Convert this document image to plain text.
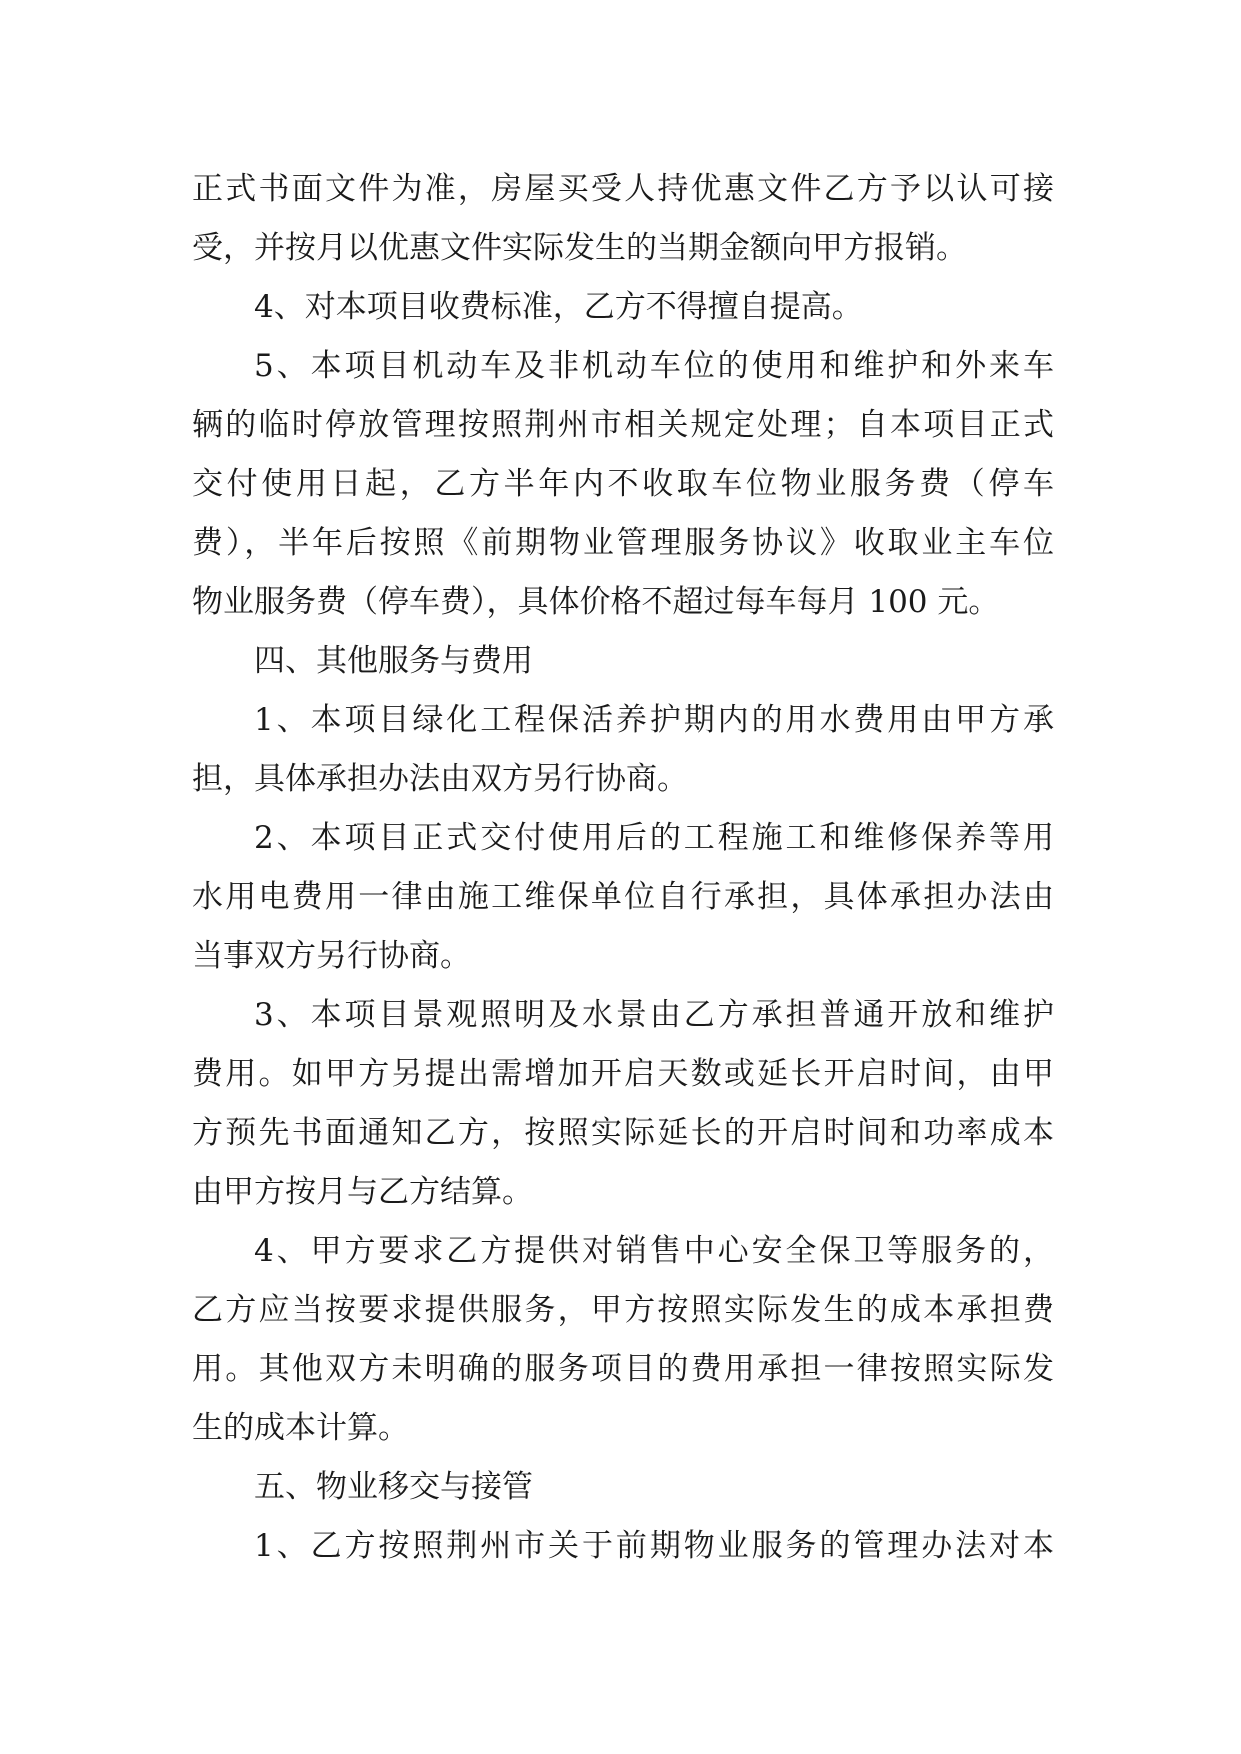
正式书面文件为准，房屋买受人持优惠文件乙方予以认可接
受，并按月以优惠文件实际发生的当期金额向甲方报销。
4、对本项目收费标准，乙方不得擅自提高。
5、本项目机动车及非机动车位的使用和维护和外来车
辆的临时停放管理按照荆州市相关规定处理；自本项目正式
交付使用日起，乙方半年内不收取车位物业服务费（停车
费），半年后按照《前期物业管理服务协议》收取业主车位
物业服务费（停车费），具体价格不超过每车每月 100 元。
四、其他服务与费用
1、本项目绿化工程保活养护期内的用水费用由甲方承
担，具体承担办法由双方另行协商。
2、本项目正式交付使用后的工程施工和维修保养等用
水用电费用一律由施工维保单位自行承担，具体承担办法由
当事双方另行协商。
3、本项目景观照明及水景由乙方承担普通开放和维护
费用。如甲方另提出需增加开启天数或延长开启时间，由甲
方预先书面通知乙方，按照实际延长的开启时间和功率成本
由甲方按月与乙方结算。
4、甲方要求乙方提供对销售中心安全保卫等服务的，
乙方应当按要求提供服务，甲方按照实际发生的成本承担费
用。其他双方未明确的服务项目的费用承担一律按照实际发
生的成本计算。
五、物业移交与接管
1、乙方按照荆州市关于前期物业服务的管理办法对本
